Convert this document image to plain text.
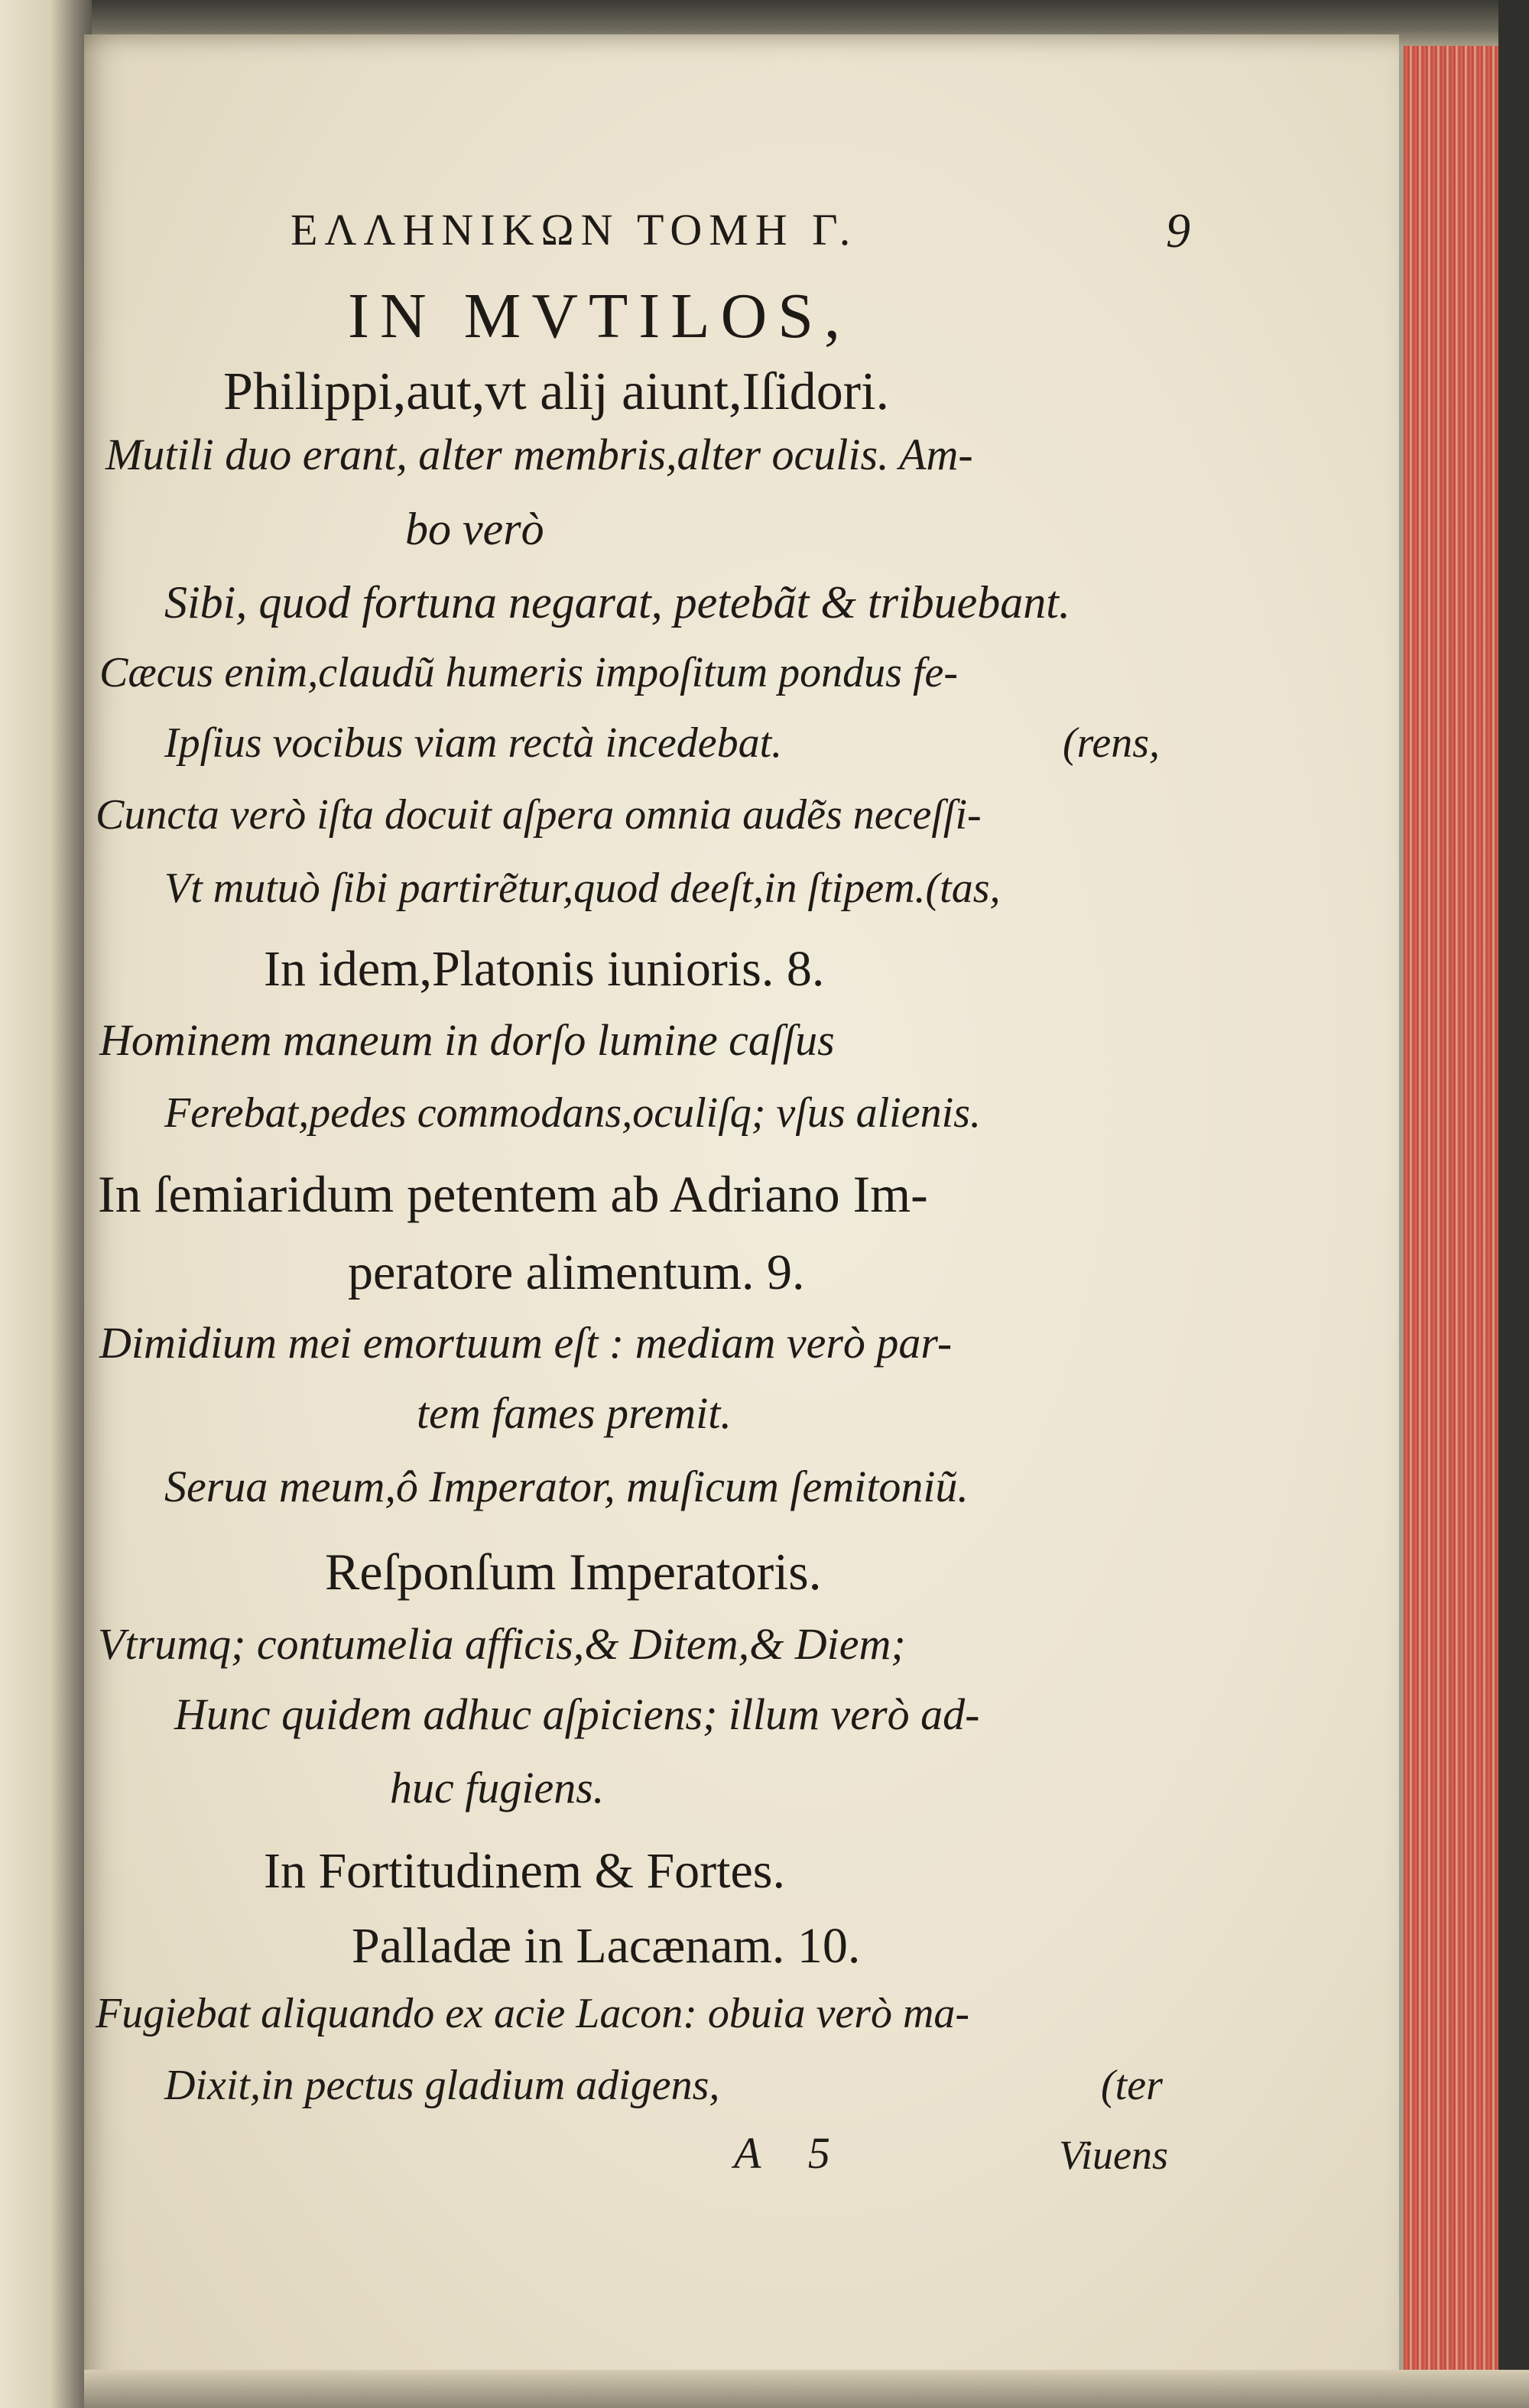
ΕΛΛΗΝΙΚΩΝ ΤΟΜΗ Γ.	9
IN MVTILOS,
Philippi,aut,vt alij aiunt,Iſidori.
Mutili duo erant, alter membris,alter oculis. Am-
bo verò
Sibi, quod fortuna negarat, petebãt & tribuebant.
Cæcus enim,claudũ humeris impoſitum pondus fe-
Ipſius vocibus viam rectà incedebat.	(rens,
Cuncta verò iſta docuit aſpera omnia audẽs neceſſi-
Vt mutuò ſibi partirẽtur,quod deeſt,in ſtipem.(tas,
In idem,Platonis iunioris. 8.
Hominem maneum in dorſo lumine caſſus
Ferebat,pedes commodans,oculiſq; vſus alienis.
In ſemiaridum petentem ab Adriano Im-
peratore alimentum. 9.
Dimidium mei emortuum eſt : mediam verò par-
tem fames premit.
Serua meum,ô Imperator, muſicum ſemitoniũ.
Reſponſum Imperatoris.
Vtrumq; contumelia afficis,& Ditem,& Diem;
Hunc quidem adhuc aſpiciens; illum verò ad-
huc fugiens.
In Fortitudinem & Fortes.
Palladæ in Lacænam. 10.
Fugiebat aliquando ex acie Lacon: obuia verò ma-
Dixit,in pectus gladium adigens,	(ter
A 5	Viuens
